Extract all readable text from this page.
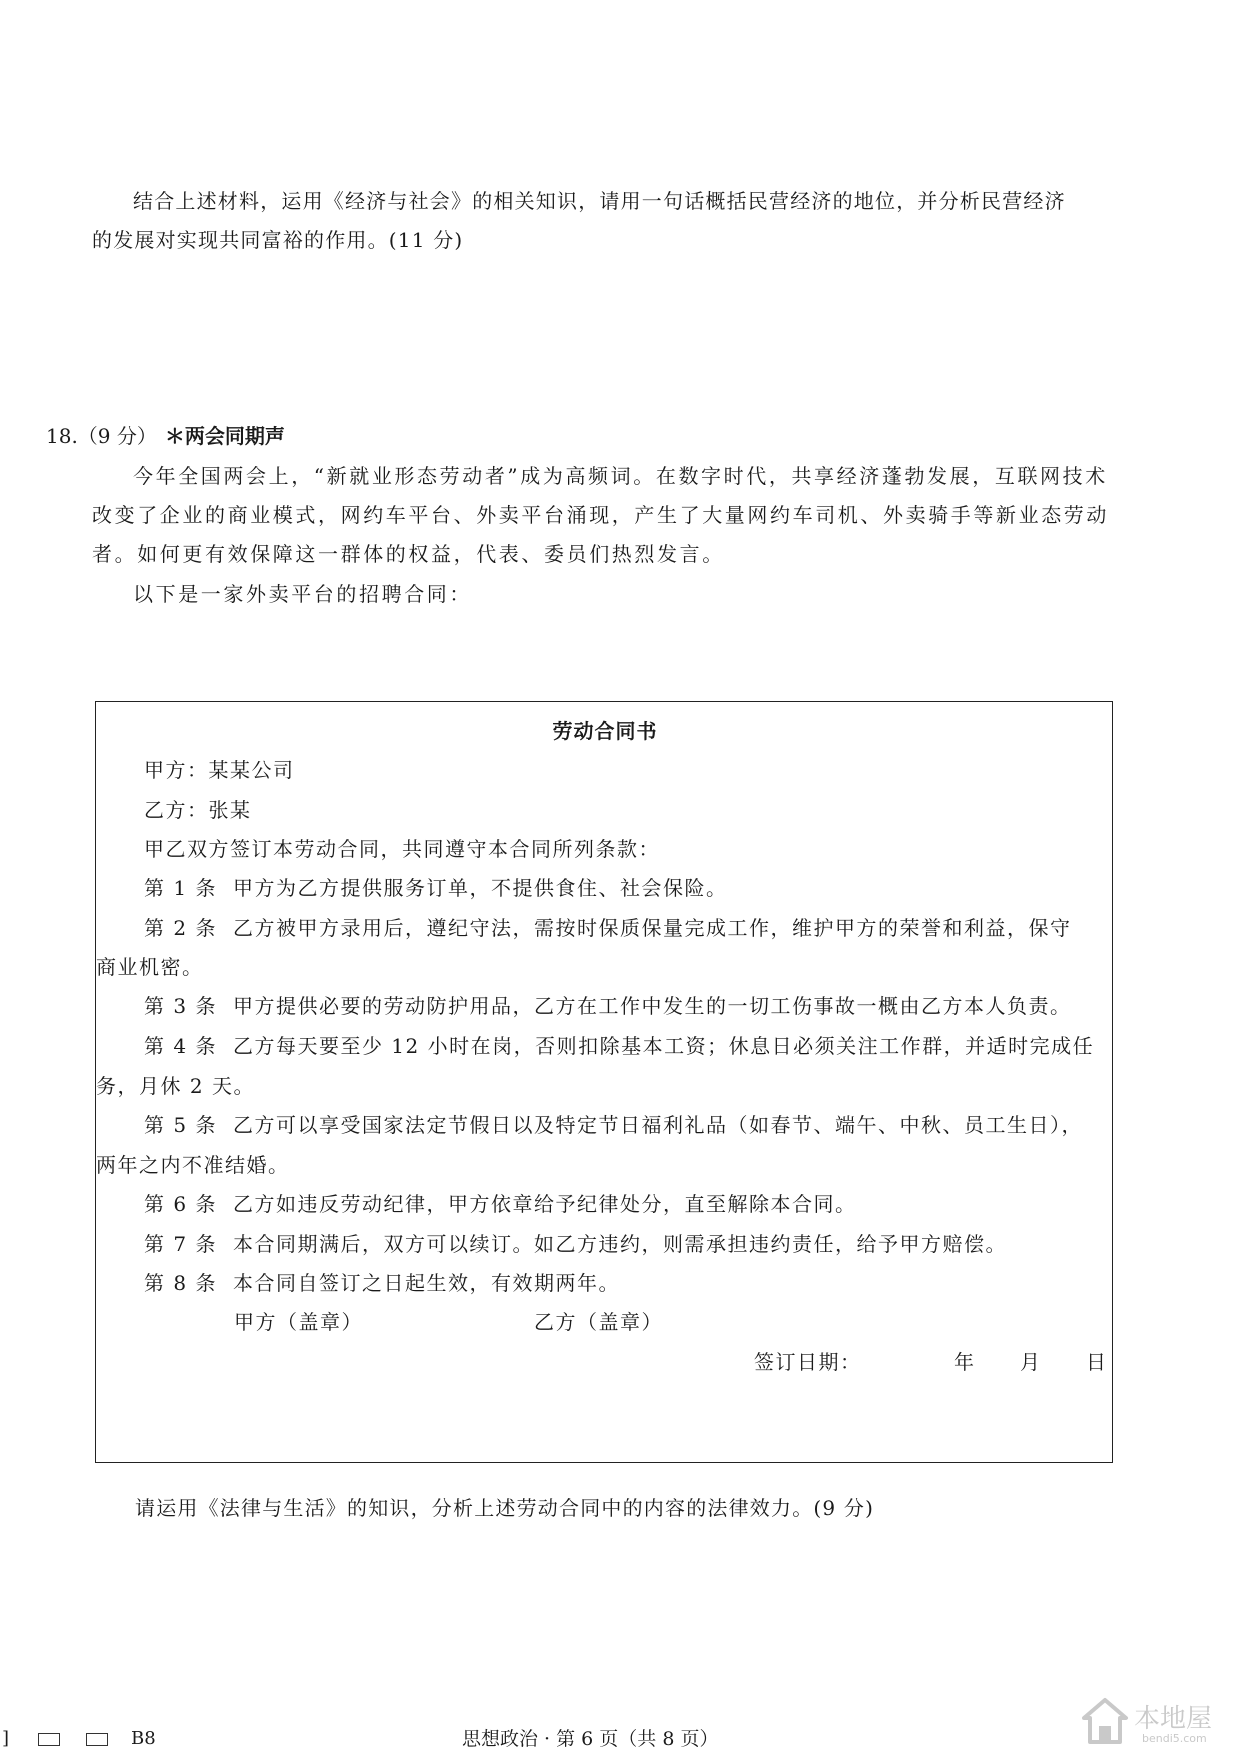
结合上述材料，运用《经济与社会》的相关知识，请用一句话概括民营经济的地位，并分析民营经济
的发展对实现共同富裕的作用。(11 分)
18.（9 分） ＊两会同期声
今年全国两会上，“新就业形态劳动者”成为高频词。在数字时代，共享经济蓬勃发展，互联网技术
改变了企业的商业模式，网约车平台、外卖平台涌现，产生了大量网约车司机、外卖骑手等新业态劳动
者。如何更有效保障这一群体的权益，代表、委员们热烈发言。
以下是一家外卖平台的招聘合同：
劳动合同书
甲方：某某公司
乙方：张某
甲乙双方签订本劳动合同，共同遵守本合同所列条款：
第 1 条 甲方为乙方提供服务订单，不提供食住、社会保险。
第 2 条 乙方被甲方录用后，遵纪守法，需按时保质保量完成工作，维护甲方的荣誉和利益，保守
商业机密。
第 3 条 甲方提供必要的劳动防护用品，乙方在工作中发生的一切工伤事故一概由乙方本人负责。
第 4 条 乙方每天要至少 12 小时在岗，否则扣除基本工资；休息日必须关注工作群，并适时完成任
务，月休 2 天。
第 5 条 乙方可以享受国家法定节假日以及特定节日福利礼品（如春节、端午、中秋、员工生日），
两年之内不准结婚。
第 6 条 乙方如违反劳动纪律，甲方依章给予纪律处分，直至解除本合同。
第 7 条 本合同期满后，双方可以续订。如乙方违约，则需承担违约责任，给予甲方赔偿。
第 8 条 本合同自签订之日起生效，有效期两年。
甲方（盖章）	乙方（盖章）
签订日期：	年 月 日
请运用《法律与生活》的知识，分析上述劳动合同中的内容的法律效力。(9 分)
]	B8	思想政治 · 第 6 页（共 8 页）
本地屋
bendi5.com
